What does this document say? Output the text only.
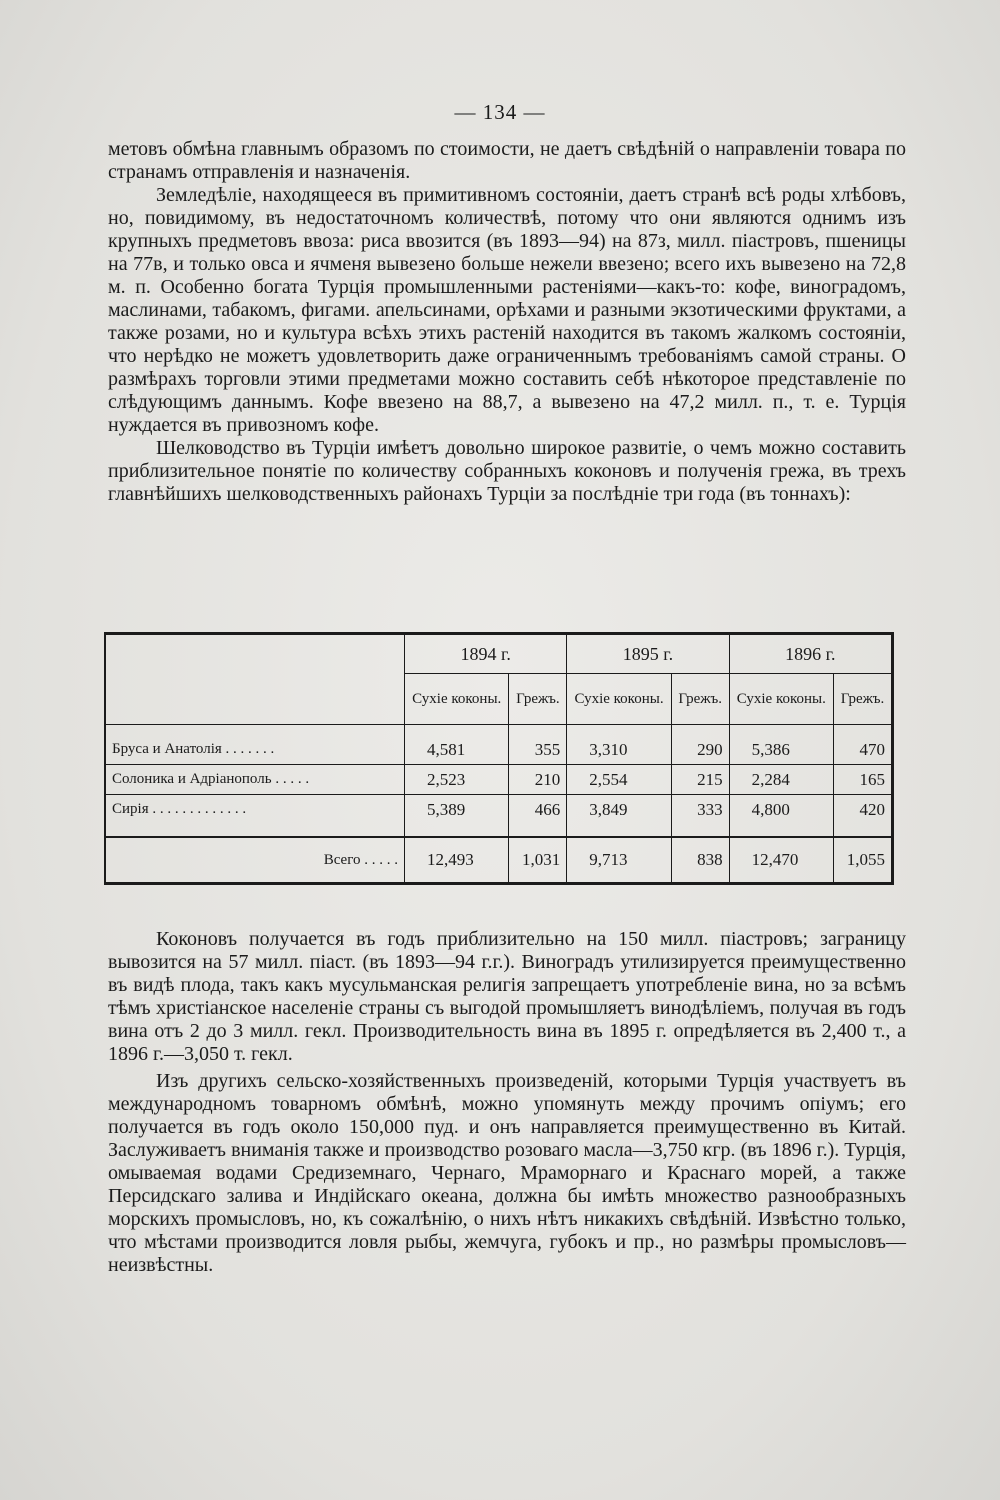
— 134 —

метовъ обмѣна главнымъ образомъ по стоимости, не даетъ свѣдѣній о направленіи товара по странамъ отправленія и назначенія.

Земледѣліе, находящееся въ примитивномъ состояніи, даетъ странѣ всѣ роды хлѣбовъ, но, повидимому, въ недостаточномъ количествѣ, потому что они являются однимъ изъ крупныхъ предметовъ ввоза: риса ввозится (въ 1893—94) на 87з, милл. піастровъ, пшеницы на 77в, и только овса и ячменя вывезено больше нежели ввезено; всего ихъ вывезено на 72,8 м. п. Особенно богата Турція промышленными растеніями—какъ-то: кофе, виноградомъ, маслинами, табакомъ, фигами. апельсинами, орѣхами и разными экзотическими фруктами, а также розами, но и культура всѣхъ этихъ растеній находится въ такомъ жалкомъ состояніи, что нерѣдко не можетъ удовлетворить даже ограниченнымъ требованіямъ самой страны. О размѣрахъ торговли этими предметами можно составить себѣ нѣкоторое представленіе по слѣдующимъ даннымъ. Кофе ввезено на 88,7, а вывезено на 47,2 милл. п., т. е. Турція нуждается въ привозномъ кофе.

Шелководство въ Турціи имѣетъ довольно широкое развитіе, о чемъ можно составить приблизительное понятіе по количеству собранныхъ коконовъ и полученія грежа, въ трехъ главнѣйшихъ шелководственныхъ районахъ Турціи за послѣдніе три года (въ тоннахъ):

	1894 г.		1895 г.		1896 г.	
	Сухіе коконы.	Грежъ.	Сухіе коконы.	Грежъ.	Сухіе коконы.	Грежъ.
Бруса и Анатолія . . . . . . .	4,581	355	3,310	290	5,386	470
Солоника и Адріанополь . . . . .	2,523	210	2,554	215	2,284	165
Сирія . . . . . . . . . . . . .	5,389	466	3,849	333	4,800	420
Всего . . . . .	12,493	1,031	9,713	838	12,470	1,055

Коконовъ получается въ годъ приблизительно на 150 милл. піастровъ; заграницу вывозится на 57 милл. піаст. (въ 1893—94 г.г.). Виноградъ утилизируется преимущественно въ видѣ плода, такъ какъ мусульманская религія запрещаетъ употребленіе вина, но за всѣмъ тѣмъ христіанское населеніе страны съ выгодой промышляетъ винодѣліемъ, получая въ годъ вина отъ 2 до 3 милл. гекл. Производительность вина въ 1895 г. опредѣляется въ 2,400 т., а 1896 г.—3,050 т. гекл.

Изъ другихъ сельско-хозяйственныхъ произведеній, которыми Турція участвуетъ въ международномъ товарномъ обмѣнѣ, можно упомянуть между прочимъ опіумъ; его получается въ годъ около 150,000 пуд. и онъ направляется преимущественно въ Китай. Заслуживаетъ вниманія также и производство розоваго масла—3,750 кгр. (въ 1896 г.). Турція, омываемая водами Средиземнаго, Чернаго, Мраморнаго и Краснаго морей, а также Персидскаго залива и Индійскаго океана, должна бы имѣть множество разнообразныхъ морскихъ промысловъ, но, къ сожалѣнію, о нихъ нѣтъ никакихъ свѣдѣній. Извѣстно только, что мѣстами производится ловля рыбы, жемчуга, губокъ и пр., но размѣры промысловъ—неизвѣстны.
